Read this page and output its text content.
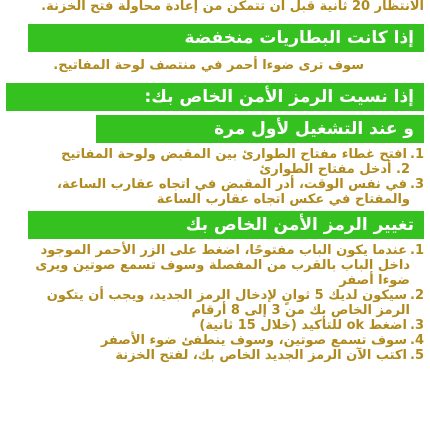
الانتظار 20 ثانية قبل أن تتمكن من إعادة محاولة فتح الخزنة.

إذا كانت البطاريات منخفضة

سوف ترى ضوءا أحمر في منتصف لوحة المفاتيح.

إذا نسيت الرمز الأمن الخاص بك:
و عند التشغيل لأول مرة

1.افتح غطاء مفتاح الطوارئ بين المقبض ولوحة المفاتيح

2. أدخل مفتاح الطوارئ

3.في نفس الوقت، أدر المقبض في اتجاه عقارب الساعة،

والمفتاح في عكس اتجاه عقارب الساعة

تغيير الرمز الأمن الخاص بك

1.عندما يكون الباب مفتوحًا، اضغط على الزر الأحمر الموجود

داخل الباب بالقرب من المفصلة وسوف تسمع صوتين ويرى

ضوءا أصفر

2.سيكون لديك 5 ثوانٍ لإدخال الرمز الجديد، ويجب أن يتكون

الرمز الخاص بك من 3 إلى 8 أرقام

3.اضغط ok للتأكيد (خلال 15 ثانية)

4.سوف تسمع صوتين، وسوف ينطفئ ضوء الأصفر

5.اكتب الآن الرمز الجديد الخاص بك، لفتح الخزنة
